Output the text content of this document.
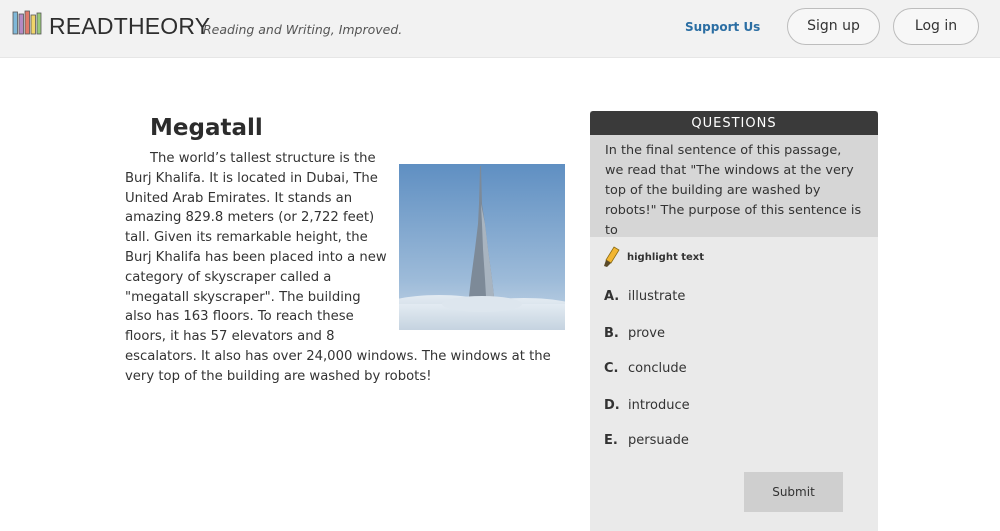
READTHEORY
Reading and Writing, Improved.	Support Us	Sign up	Log in
Megatall
The world’s tallest structure is the Burj Khalifa. It is located in Dubai, The United Arab Emirates. It stands an amazing 829.8 meters (or 2,722 feet) tall. Given its remarkable height, the Burj Khalifa has been placed into a new category of skyscraper called a "megatall skyscraper". The building also has 163 floors. To reach these floors, it has 57 elevators and 8 escalators. It also has over 24,000 windows. The windows at the very top of the building are washed by robots!
QUESTIONS
In the final sentence of this passage, we read that "The windows at the very top of the building are washed by robots!" The purpose of this sentence is to
highlight text
A. illustrate
B. prove
C. conclude
D. introduce
E. persuade
Submit
